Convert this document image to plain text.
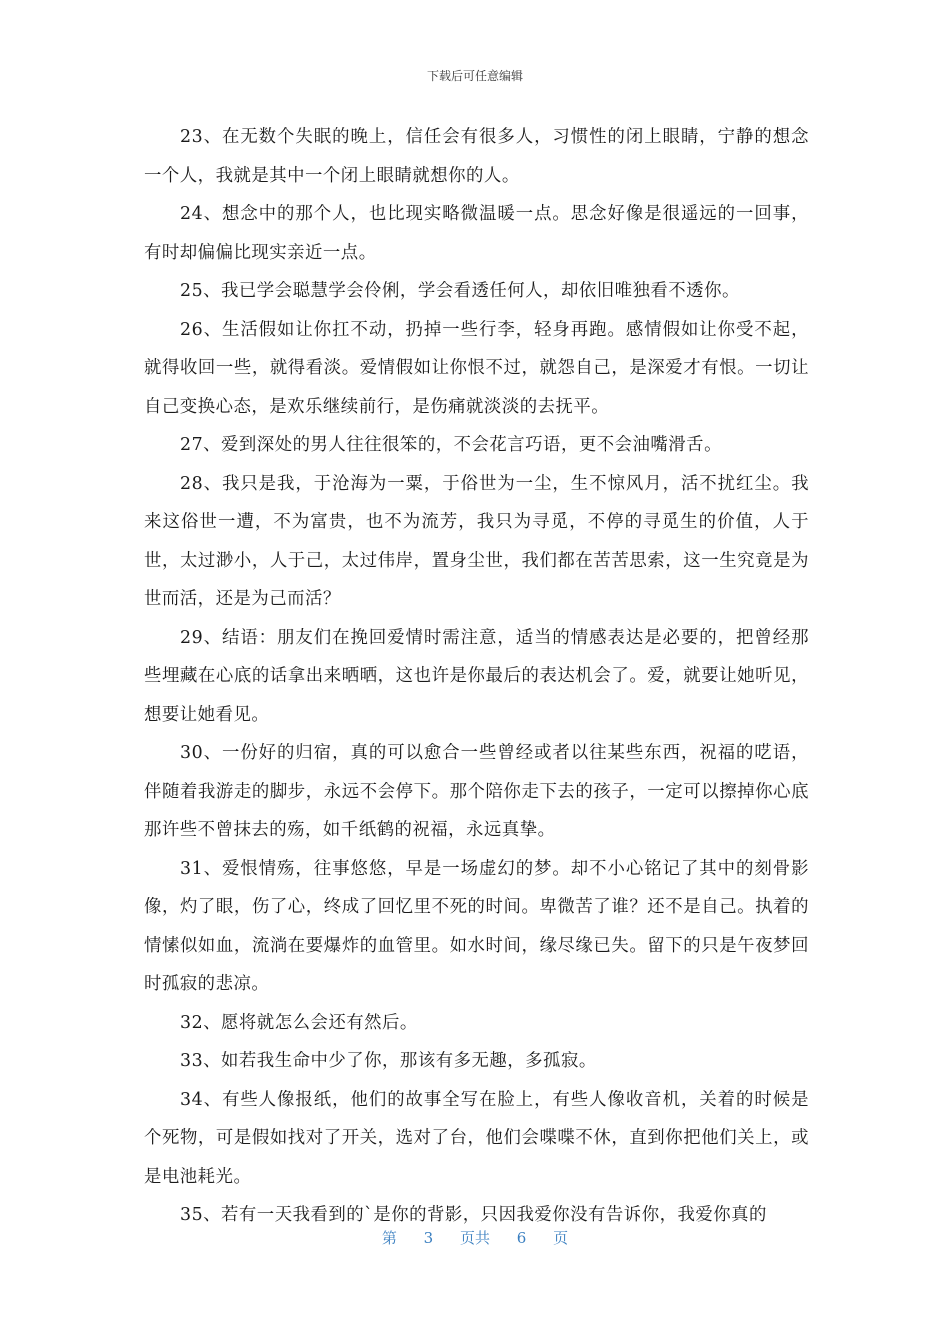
下载后可任意编辑

23、在无数个失眠的晚上，信任会有很多人，习惯性的闭上眼睛，宁静的想念一个人，我就是其中一个闭上眼睛就想你的人。

24、想念中的那个人，也比现实略微温暖一点。思念好像是很遥远的一回事，有时却偏偏比现实亲近一点。

25、我已学会聪慧学会伶俐，学会看透任何人，却依旧唯独看不透你。

26、生活假如让你扛不动，扔掉一些行李，轻身再跑。感情假如让你受不起，就得收回一些，就得看淡。爱情假如让你恨不过，就怨自己，是深爱才有恨。一切让自己变换心态，是欢乐继续前行，是伤痛就淡淡的去抚平。

27、爱到深处的男人往往很笨的，不会花言巧语，更不会油嘴滑舌。

28、我只是我，于沧海为一粟，于俗世为一尘，生不惊风月，活不扰红尘。我来这俗世一遭，不为富贵，也不为流芳，我只为寻觅，不停的寻觅生的价值，人于世，太过渺小，人于己，太过伟岸，置身尘世，我们都在苦苦思索，这一生究竟是为世而活，还是为己而活？

29、结语：朋友们在挽回爱情时需注意，适当的情感表达是必要的，把曾经那些埋藏在心底的话拿出来晒晒，这也许是你最后的表达机会了。爱，就要让她听见，想要让她看见。

30、一份好的归宿，真的可以愈合一些曾经或者以往某些东西，祝福的呓语，伴随着我游走的脚步，永远不会停下。那个陪你走下去的孩子，一定可以擦掉你心底那许些不曾抹去的殇，如千纸鹤的祝福，永远真挚。

31、爱恨情殇，往事悠悠，早是一场虚幻的梦。却不小心铭记了其中的刻骨影像，灼了眼，伤了心，终成了回忆里不死的时间。卑微苦了谁？还不是自己。执着的情愫似如血，流淌在要爆炸的血管里。如水时间，缘尽缘已失。留下的只是午夜梦回时孤寂的悲凉。

32、愿将就怎么会还有然后。

33、如若我生命中少了你，那该有多无趣，多孤寂。

34、有些人像报纸，他们的故事全写在脸上，有些人像收音机，关着的时候是个死物，可是假如找对了开关，选对了台，他们会喋喋不休，直到你把他们关上，或是电池耗光。

35、若有一天我看到的`是你的背影，只因我爱你没有告诉你，我爱你真的

第 3 页共 6 页
